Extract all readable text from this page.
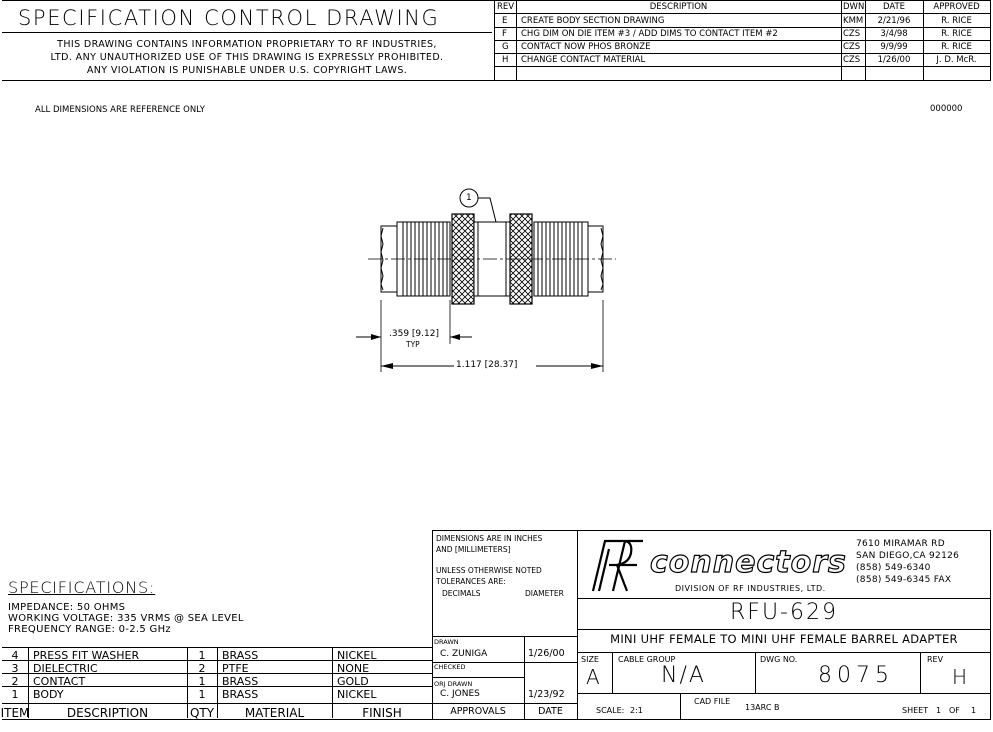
SPECIFICATION CONTROL DRAWING
THIS DRAWING CONTAINS INFORMATION PROPRIETARY TO RF INDUSTRIES,
LTD. ANY UNAUTHORIZED USE OF THIS DRAWING IS EXPRESSLY PROHIBITED.
ANY VIOLATION IS PUNISHABLE UNDER U.S. COPYRIGHT LAWS.
REV	DESCRIPTION	DWN	DATE	APPROVED
E CREATE BODY SECTION DRAWING	KMM	2/21/96	R. RICE
F CHG DIM ON DIE ITEM #3 / ADD DIMS TO CONTACT ITEM #2	CZS	3/4/98	R. RICE
G CONTACT NOW PHOS BRONZE	CZS	9/9/99	R. RICE
H CHANGE CONTACT MATERIAL	CZS	1/26/00	J. D. McR.
ALL DIMENSIONS ARE REFERENCE ONLY	000000
1
.359 [9.12]
TYP
1.117 [28.37]
SPECIFICATIONS:
IMPEDANCE: 50 OHMS
WORKING VOLTAGE: 335 VRMS @ SEA LEVEL
FREQUENCY RANGE: 0-2.5 GHz
4	PRESS FIT WASHER	1	BRASS	NICKEL
3	DIELECTRIC	2	PTFE	NONE
2	CONTACT	1	BRASS	GOLD
1	BODY	1	BRASS	NICKEL
ITEM	DESCRIPTION	QTY	MATERIAL	FINISH
DIMENSIONS ARE IN INCHES
AND [MILLIMETERS]
UNLESS OTHERWISE NOTED
TOLERANCES ARE:
DECIMALS	DIAMETER
DRAWN
C. ZUNIGA	1/26/00
CHECKED
ORJ DRAWN
C. JONES	1/23/92
APPROVALS	DATE
connectors
DIVISION OF RF INDUSTRIES, LTD.
7610 MIRAMAR RD
SAN DIEGO,CA 92126
(858) 549-6340
(858) 549-6345 FAX
RFU-629
MINI UHF FEMALE TO MINI UHF FEMALE BARREL ADAPTER
SIZE
A
CABLE GROUP
N/A
DWG NO.
8075
REV
H
SCALE: 2:1
CAD FILE
13ARC B	SHEET 1 OF 1
